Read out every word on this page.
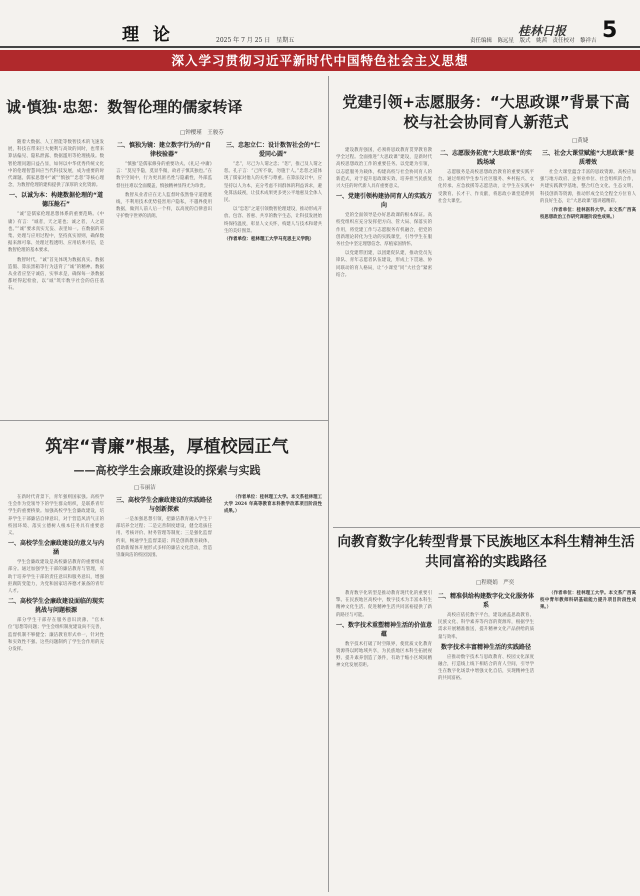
理 论	2025 年 7 月 25 日　星期五
桂林日报 5
责任编辑　陈远星　版式　姚茜　责任校对　黎祥吉
深入学习贯彻习近平新时代中国特色社会主义思想
诚·慎独·忠恕：数智伦理的儒家转译
□钟樱瑾　王骏芬

随着大数据、人工智能等数智技术的飞速发展，科技在带来巨大便利与高效的同时，也带来算法偏见、隐私泄露、数据滥用等伦理挑战。数智伦理问题日益凸显，如何以中华优秀传统文化中的伦理智慧回应当代科技发展，成为重要的时代课题。儒家思想中“诚”“慎独”“忠恕”等核心理念，为数智伦理的建构提供了深厚的文化资源。

一、以诚为本：构建数据伦理的“道德压舱石”

“诚”是儒家伦理思想体系的重要范畴。《中庸》有言：“诚者，天之道也；诚之者，人之道也。”“诚”要求真实无妄、表里如一。在数据的采集、处理与应用过程中，坚持真实原则，确保数据来源可靠、处理过程透明、应用结果可信，是数智伦理的基本要求。

数智时代，“诚”首先体现为数据真实。数据造假、算法黑箱等行为违背了“诚”的精神。数据从业者应坚守诚信，实事求是，确保每一条数据都经得起检验，以“诚”筑牢数字社会的信任基石。

二、慎独为镜：建立数字行为的“自律校验器”

“慎独”是儒家修身的重要功夫。《礼记·中庸》言：“莫见乎隐，莫显乎微，故君子慎其独也。”在数字空间中，行为更具匿名性与隐蔽性，外部监督往往难以全面覆盖，慎独精神显得尤为珍贵。

数智从业者应在无人监督时依然恪守道德底线，不利用技术优势侵害用户隐私，不越界使用数据，做到人前人后一个样，以高度的自律意识守护数字世界的清朗。

三、忠恕立仁：设计数智社会的“仁爱同心圆”

“忠”，尽己为人谓之忠；“恕”，推己及人谓之恕。孔子言：“己所不欲，勿施于人。”忠恕之道体现了儒家对他人的关怀与尊重。在算法设计中，应坚持以人为本，充分考虑不同群体的利益诉求，避免算法歧视，让技术成果更多更公平地惠及全体人民。

以“忠恕”之道引领数智伦理建设，推动形成开放、包容、普惠、共享的数字生态，让科技发展始终保持温度，彰显人文关怀，构建人与技术和谐共生的美好图景。

（作者单位：桂林理工大学马克思主义学院）
筑牢“青廉”根基，厚植校园正气
——高校学生会廉政建设的探索与实践
□韦丽洁

在新时代背景下，青年强则国家强。高校学生会作为党领导下的学生群众组织，是联系青年学生的重要桥梁。加强高校学生会廉政建设，培养学生干部廉洁自律意识，对于营造风清气正的校园环境、落实立德树人根本任务具有重要意义。

一、高校学生会廉政建设的意义与内涵

学生会廉政建设是高校廉洁教育的重要组成部分。通过加强学生干部的廉洁教育与管理，有助于培养学生干部的责任意识和服务意识，增强拒腐防变能力，为党和国家培养德才兼备的青年人才。

二、高校学生会廉政建设面临的现实挑战与问题根源

部分学生干部存在服务意识淡薄、“官本位”思想等问题；学生会组织制度建设尚不完善，监督机制不够健全；廉洁教育形式单一，针对性和实效性不强。这些问题制约了学生会作用的充分发挥。

三、高校学生会廉政建设的实践路径与创新探索

一是加强思想引领，把廉洁教育融入学生干部培养全过程；二是完善制度建设，健全选拔任用、考核评价、财务管理等制度；三是强化监督约束，畅通学生监督渠道；四是创新教育载体，借助新媒体开展形式多样的廉洁文化活动，营造崇廉尚洁的校园氛围。

（作者单位：桂林理工大学。本文系桂林理工大学 2024 年高等教育本科教学改革项目阶段性成果。）

党建引领+志愿服务：“大思政课”背景下高校与社会协同育人新范式
□黄婕

建设教育强国，必须将思政教育贯穿教育教学全过程。全面推进“大思政课”建设，是新时代高校思想政治工作的重要任务。以党建为引领，以志愿服务为载体，构建高校与社会协同育人的新范式，对于提升思政课实效、培养担当民族复兴大任的时代新人具有重要意义。

一、党建引领构建协同育人的实践方向

党的全面领导是办好思政课的根本保证。高校党组织应充分发挥把方向、管大局、保落实的作用，将党建工作与志愿服务有机融合，把党的创新理论转化为生动的实践课堂，引导学生在服务社会中坚定理想信念、厚植家国情怀。

以党建带团建，以团建促队建，推动党员先锋队、青年志愿者队伍建设，形成上下贯通、协同联动的育人格局，让“小课堂”同“大社会”紧密结合。

二、志愿服务拓宽“大思政课”的实践场域

志愿服务是高校思想政治教育的重要实践平台。通过组织学生参与社区服务、乡村振兴、文化传承、应急救援等志愿活动，让学生在实践中受教育、长才干、作贡献，将思政小课堂延伸到社会大课堂。

三、社会大课堂赋能“大思政课”提质增效

社会大课堂蕴含丰富的思政资源。高校应加强与地方政府、企事业单位、社会组织的合作，共建实践教学基地，整合红色文化、生态文明、科技创新等资源，推动形成全员全程全方位育人的良好生态，让“大思政课”越讲越精彩。

（作者单位：桂林医科大学。本文系广西高校思想政治工作研究课题阶段性成果。）

向教育数字化转型背景下民族地区本科生精神生活共同富裕的实践路径
□程晓娟　严奕

教育数字化转型是推动教育现代化的重要引擎。在民族地区高校中，数字技术为丰富本科生精神文化生活、促进精神生活共同富裕提供了新的路径与可能。

一、数字技术重塑精神生活的价值意蕴

数字技术打破了时空限界，使优质文化教育资源得以跨地域共享，为民族地区本科生拓展视野、提升素养创造了条件，有助于缩小区域间精神文化发展差距。

二、精准供给构建数字化文化服务体系

高校应依托数字平台，建设涵盖思政教育、民族文化、科学素养等内容的资源库，根据学生需求开展精准推送，提升精神文化产品供给的质量与效率。

数字技术丰富精神生活的实践路径

应推动数字技术与思政教育、校园文化深度融合，打造线上线下相结合的育人空间，引导学生在数字化场景中增强文化自信，实现精神生活的共同富裕。

（作者单位：桂林理工大学。本文系广西高校中青年教师科研基础能力提升项目阶段性成果。）
